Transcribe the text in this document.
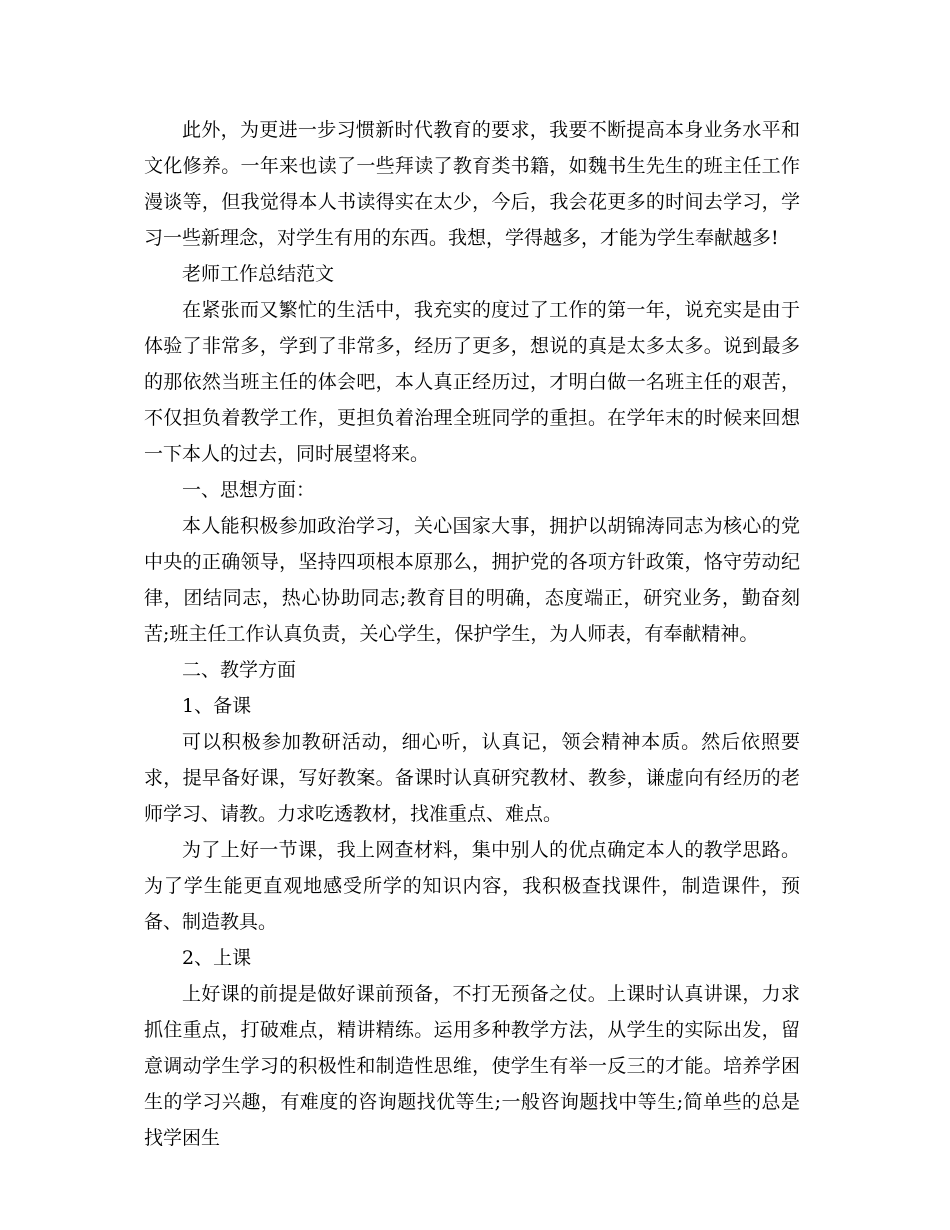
此外，为更进一步习惯新时代教育的要求，我要不断提高本身业务水平和文化修养。一年来也读了一些拜读了教育类书籍，如魏书生先生的班主任工作漫谈等，但我觉得本人书读得实在太少，今后，我会花更多的时间去学习，学习一些新理念，对学生有用的东西。我想，学得越多，才能为学生奉献越多!

老师工作总结范文

在紧张而又繁忙的生活中，我充实的度过了工作的第一年，说充实是由于体验了非常多，学到了非常多，经历了更多，想说的真是太多太多。说到最多的那依然当班主任的体会吧，本人真正经历过，才明白做一名班主任的艰苦，不仅担负着教学工作，更担负着治理全班同学的重担。在学年末的时候来回想一下本人的过去，同时展望将来。

一、思想方面：

本人能积极参加政治学习，关心国家大事，拥护以胡锦涛同志为核心的党中央的正确领导，坚持四项根本原那么，拥护党的各项方针政策，恪守劳动纪律，团结同志，热心协助同志;教育目的明确，态度端正，研究业务，勤奋刻苦;班主任工作认真负责，关心学生，保护学生，为人师表，有奉献精神。

二、教学方面

1、备课

可以积极参加教研活动，细心听，认真记，领会精神本质。然后依照要求，提早备好课，写好教案。备课时认真研究教材、教参，谦虚向有经历的老师学习、请教。力求吃透教材，找准重点、难点。

为了上好一节课，我上网查材料，集中别人的优点确定本人的教学思路。为了学生能更直观地感受所学的知识内容，我积极查找课件，制造课件，预备、制造教具。

2、上课

上好课的前提是做好课前预备，不打无预备之仗。上课时认真讲课，力求抓住重点，打破难点，精讲精练。运用多种教学方法，从学生的实际出发，留意调动学生学习的积极性和制造性思维，使学生有举一反三的才能。培养学困生的学习兴趣，有难度的咨询题找优等生;一般咨询题找中等生;简单些的总是找学困生
